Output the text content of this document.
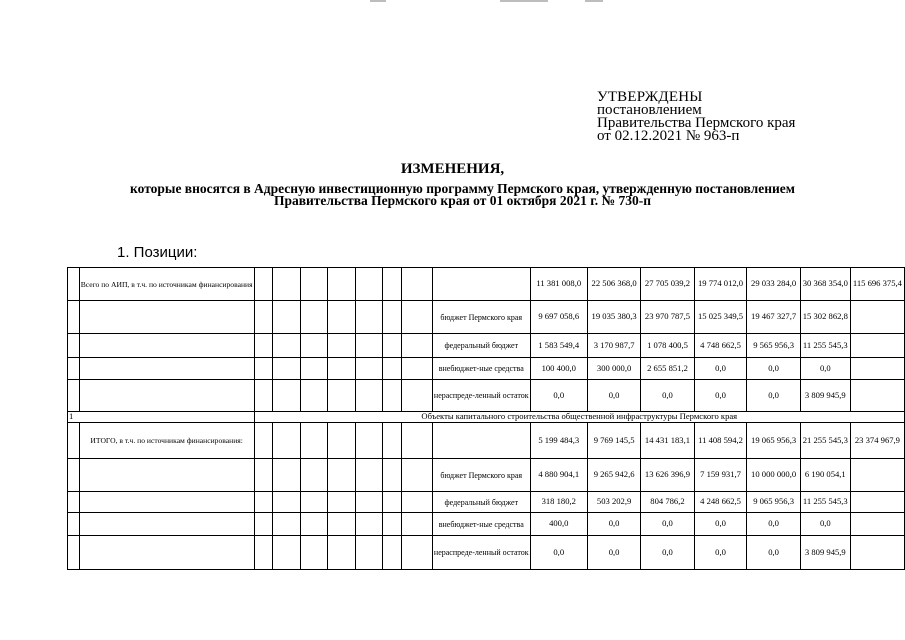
УТВЕРЖДЕНЫ
постановлением
Правительства Пермского края
от 02.12.2021 № 963-п
ИЗМЕНЕНИЯ,
которые вносятся в Адресную инвестиционную программу Пермского края, утвержденную постановлением
Правительства Пермского края от 01 октября 2021 г. № 730-п
1. Позиции:
	Всего по АИП, в т.ч. по источникам финансирования									11 381 008,0	22 506 368,0	27 705 039,2	19 774 012,0	29 033 284,0	30 368 354,0	115 696 375,4
									бюджет Пермского края	9 697 058,6	19 035 380,3	23 970 787,5	15 025 349,5	19 467 327,7	15 302 862,8	
									федеральный бюджет	1 583 549,4	3 170 987,7	1 078 400,5	4 748 662,5	9 565 956,3	11 255 545,3	
									внебюджет-ные средства	100 400,0	300 000,0	2 655 851,2	0,0	0,0	0,0	
									нераспреде-ленный остаток	0,0	0,0	0,0	0,0	0,0	3 809 945,9	
1		Объекты капитального строительства общественной инфраструктуры Пермского края														
	ИТОГО, в т.ч. по источникам финансирования:									5 199 484,3	9 769 145,5	14 431 183,1	11 408 594,2	19 065 956,3	21 255 545,3	23 374 967,9
									бюджет Пермского края	4 880 904,1	9 265 942,6	13 626 396,9	7 159 931,7	10 000 000,0	6 190 054,1	
									федеральный бюджет	318 180,2	503 202,9	804 786,2	4 248 662,5	9 065 956,3	11 255 545,3	
									внебюджет-ные средства	400,0	0,0	0,0	0,0	0,0	0,0	
									нераспреде-ленный остаток	0,0	0,0	0,0	0,0	0,0	3 809 945,9	
